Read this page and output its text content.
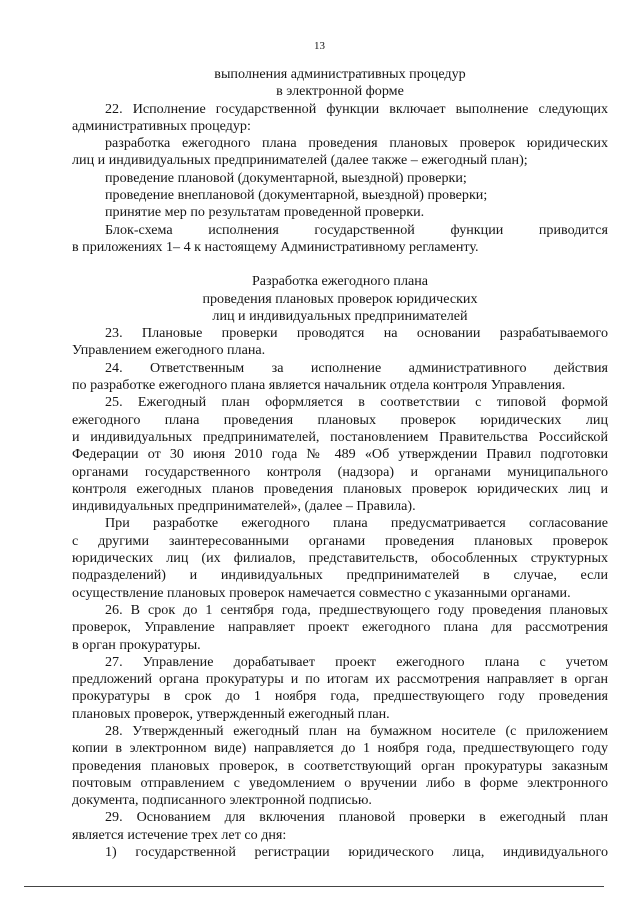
13

выполнения административных процедур

в электронной форме

22. Исполнение государственной функции включает выполнение следующих

административных процедур:

разработка ежегодного плана проведения плановых проверок юридических

лиц и индивидуальных предпринимателей (далее также – ежегодный план);

проведение плановой (документарной, выездной) проверки;

проведение внеплановой (документарной, выездной) проверки;

принятие мер по результатам проведенной проверки.

Блок-схема исполнения государственной функции приводится

в приложениях 1– 4 к настоящему Административному регламенту.

Разработка ежегодного плана

проведения плановых проверок юридических

лиц и индивидуальных предпринимателей

23. Плановые проверки проводятся на основании разрабатываемого

Управлением ежегодного плана.

24. Ответственным за исполнение административного действия

по разработке ежегодного плана является начальник отдела контроля Управления.

25. Ежегодный план оформляется в соответствии с типовой формой

ежегодного плана проведения плановых проверок юридических лиц

и индивидуальных предпринимателей, постановлением Правительства Российской

Федерации от 30 июня 2010 года № 489 «Об утверждении Правил подготовки

органами государственного контроля (надзора) и органами муниципального

контроля ежегодных планов проведения плановых проверок юридических лиц и

индивидуальных предпринимателей», (далее – Правила).

При разработке ежегодного плана предусматривается согласование

с другими заинтересованными органами проведения плановых проверок

юридических лиц (их филиалов, представительств, обособленных структурных

подразделений) и индивидуальных предпринимателей в случае, если

осуществление плановых проверок намечается совместно с указанными органами.

26. В срок до 1 сентября года, предшествующего году проведения плановых

проверок, Управление направляет проект ежегодного плана для рассмотрения

в орган прокуратуры.

27. Управление дорабатывает проект ежегодного плана с учетом

предложений органа прокуратуры и по итогам их рассмотрения направляет в орган

прокуратуры в срок до 1 ноября года, предшествующего году проведения

плановых проверок, утвержденный ежегодный план.

28. Утвержденный ежегодный план на бумажном носителе (с приложением

копии в электронном виде) направляется до 1 ноября года, предшествующего году

проведения плановых проверок, в соответствующий орган прокуратуры заказным

почтовым отправлением с уведомлением о вручении либо в форме электронного

документа, подписанного электронной подписью.

29. Основанием для включения плановой проверки в ежегодный план

является истечение трех лет со дня:

1) государственной регистрации юридического лица, индивидуального
